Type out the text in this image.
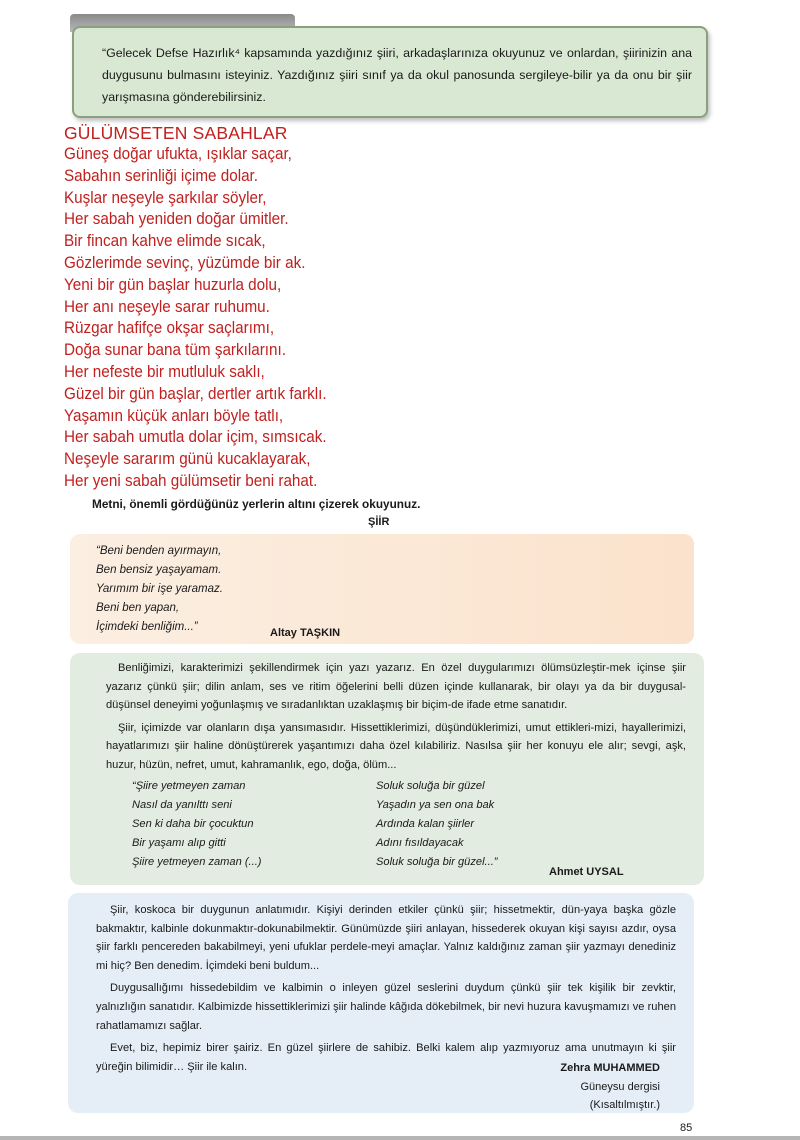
“Gelecek Defse Hazırlık⁴ kapsamında yazdığınız şiiri, arkadaşlarınıza okuyunuz ve onlardan, şiirinizin ana duygusunu bulmasını isteyiniz. Yazdığınız şiiri sınıf ya da okul panosunda sergileye-bilir ya da onu bir şiir yarışmasına gönderebilirsiniz.

GÜLÜMSETEN SABAHLAR
Güneş doğar ufukta, ışıklar saçar,
Sabahın serinliği içime dolar.
Kuşlar neşeyle şarkılar söyler,
Her sabah yeniden doğar ümitler.
Bir fincan kahve elimde sıcak,
Gözlerimde sevinç, yüzümde bir ak.
Yeni bir gün başlar huzurla dolu,
Her anı neşeyle sarar ruhumu.
Rüzgar hafifçe okşar saçlarımı,
Doğa sunar bana tüm şarkılarını.
Her nefeste bir mutluluk saklı,
Güzel bir gün başlar, dertler artık farklı.
Yaşamın küçük anları böyle tatlı,
Her sabah umutla dolar içim, sımsıcak.
Neşeyle sararım günü kucaklayarak,
Her yeni sabah gülümsetir beni rahat.
Metni, önemli gördüğünüz yerlerin altını çizerek okuyunuz.
ŞİİR
“Beni benden ayırmayın,
Ben bensiz yaşayamam.
Yarımım bir işe yaramaz.
Beni ben yapan,
İçimdeki benliğim...”	Altay TAŞKIN

Benliğimizi, karakterimizi şekillendirmek için yazı yazarız. En özel duygularımızı ölümsüzleştir-mek içinse şiir yazarız çünkü şiir; dilin anlam, ses ve ritim öğelerini belli düzen içinde kullanarak, bir olayı ya da bir duygusal-düşünsel deneyimi yoğunlaşmış ve sıradanlıktan uzaklaşmış bir biçim-de ifade etme sanatıdır.

Şiir, içimizde var olanların dışa yansımasıdır. Hissettiklerimizi, düşündüklerimizi, umut ettikleri-mizi, hayallerimizi, hayatlarımızı şiir haline dönüştürerek yaşantımızı daha özel kılabiliriz. Nasılsa şiir her konuyu ele alır; sevgi, aşk, huzur, hüzün, nefret, umut, kahramanlık, ego, doğa, ölüm...

“Şiire yetmeyen zaman
Nasıl da yanılttı seni
Sen ki daha bir çocuktun
Bir yaşamı alıp gitti
Şiire yetmeyen zaman (...)
Soluk soluğa bir güzel
Yaşadın ya sen ona bak
Ardında kalan şiirler
Adını fısıldayacak
Soluk soluğa bir güzel...”
Ahmet UYSAL

Şiir, koskoca bir duygunun anlatımıdır. Kişiyi derinden etkiler çünkü şiir; hissetmektir, dün-yaya başka gözle bakmaktır, kalbinle dokunmaktır-dokunabilmektir. Günümüzde şiiri anlayan, hissederek okuyan kişi sayısı azdır, oysa şiir farklı pencereden bakabilmeyi, yeni ufuklar perdele-meyi amaçlar. Yalnız kaldığınız zaman şiir yazmayı denediniz mi hiç? Ben denedim. İçimdeki beni buldum...

Duygusallığımı hissedebildim ve kalbimin o inleyen güzel seslerini duydum çünkü şiir tek kişilik bir zevktir, yalnızlığın sanatıdır. Kalbimizde hissettiklerimizi şiir halinde kâğıda dökebilmek, bir nevi huzura kavuşmamızı ve ruhen rahatlamamızı sağlar.

Evet, biz, hepimiz birer şairiz. En güzel şiirlere de sahibiz. Belki kalem alıp yazmıyoruz ama unutmayın ki şiir yüreğin bilimidir… Şiir ile kalın.	Zehra MUHAMMED
Güneysu dergisi
(Kısaltılmıştır.)
85
